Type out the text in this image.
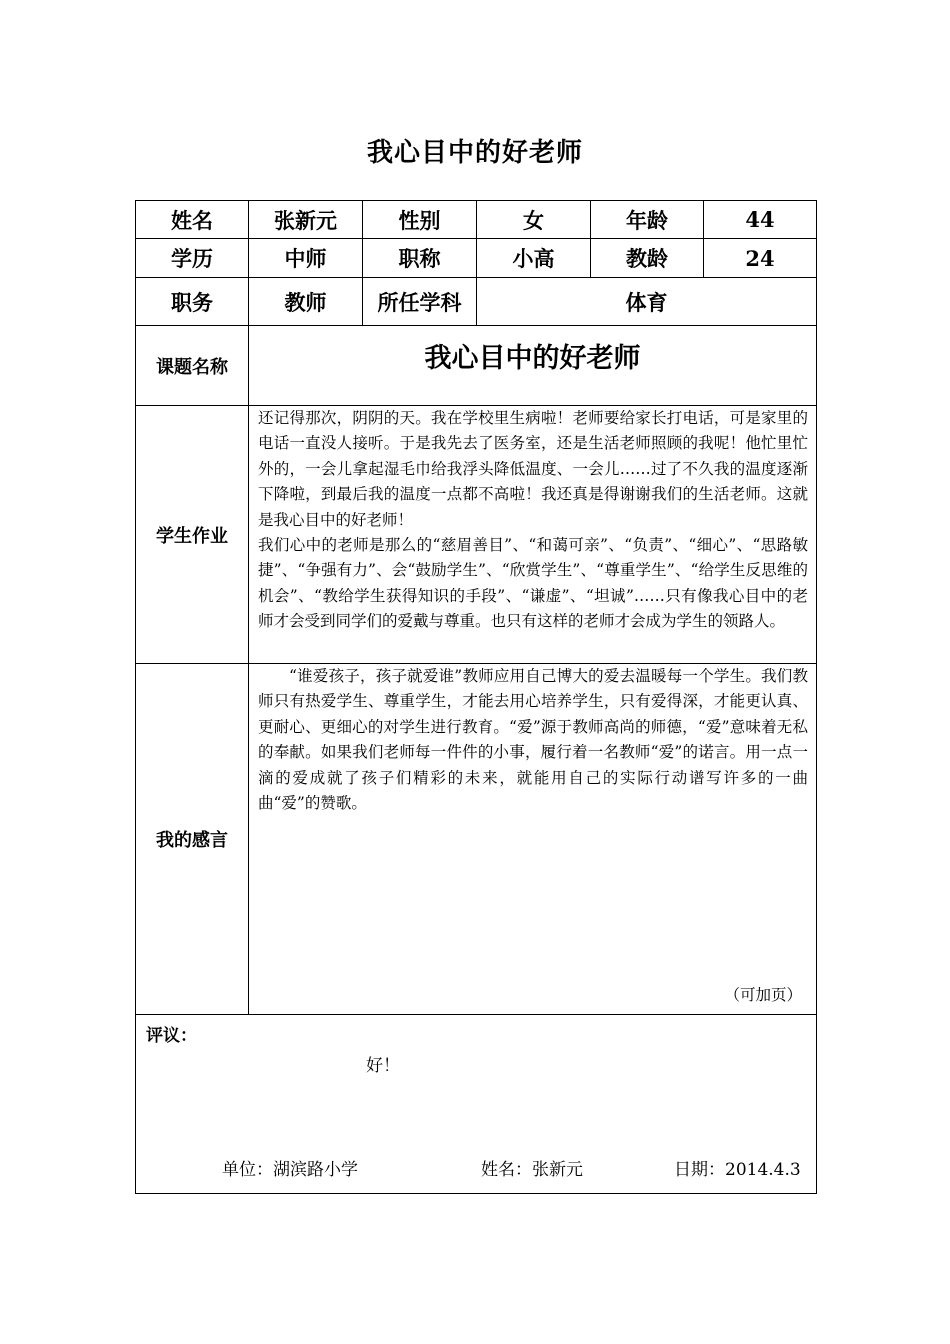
我心目中的好老师
姓名	张新元	性别	女	年龄	44
学历	中师	职称	小高	教龄	24
职务	教师	所任学科	体育		
课题名称	我心目中的好老师				
学生作业	还记得那次，阴阴的天。我在学校里生病啦！老师要给家长打电话，可是家里的电话一直没人接听。于是我先去了医务室，还是生活老师照顾的我呢！他忙里忙外的，一会儿拿起湿毛巾给我浮头降低温度、一会儿……过了不久我的温度逐渐下降啦，到最后我的温度一点都不高啦！我还真是得谢谢我们的生活老师。这就是我心目中的好老师！

我们心中的老师是那么的“慈眉善目”、“和蔼可亲”、“负责”、“细心”、“思路敏捷”、“争强有力”、会“鼓励学生”、“欣赏学生”、“尊重学生”、“给学生反思维的机会”、“教给学生获得知识的手段”、“谦虚”、“坦诚”……只有像我心目中的老师才会受到同学们的爱戴与尊重。也只有这样的老师才会成为学生的领路人。				

我的感言	“谁爱孩子，孩子就爱谁”教师应用自己博大的爱去温暖每一个学生。我们教师只有热爱学生、尊重学生，才能去用心培养学生，只有爱得深，才能更认真、更耐心、更细心的对学生进行教育。“爱”源于教师高尚的师德，“爱”意味着无私的奉献。如果我们老师每一件件的小事，履行着一名教师“爱”的诺言。用一点一滴的爱成就了孩子们精彩的未来，就能用自己的实际行动谱写许多的一曲曲“爱”的赞歌。

（可加页）				

评议：
好！
单位：湖滨路小学 姓名：张新元 日期：2014.4.3					
